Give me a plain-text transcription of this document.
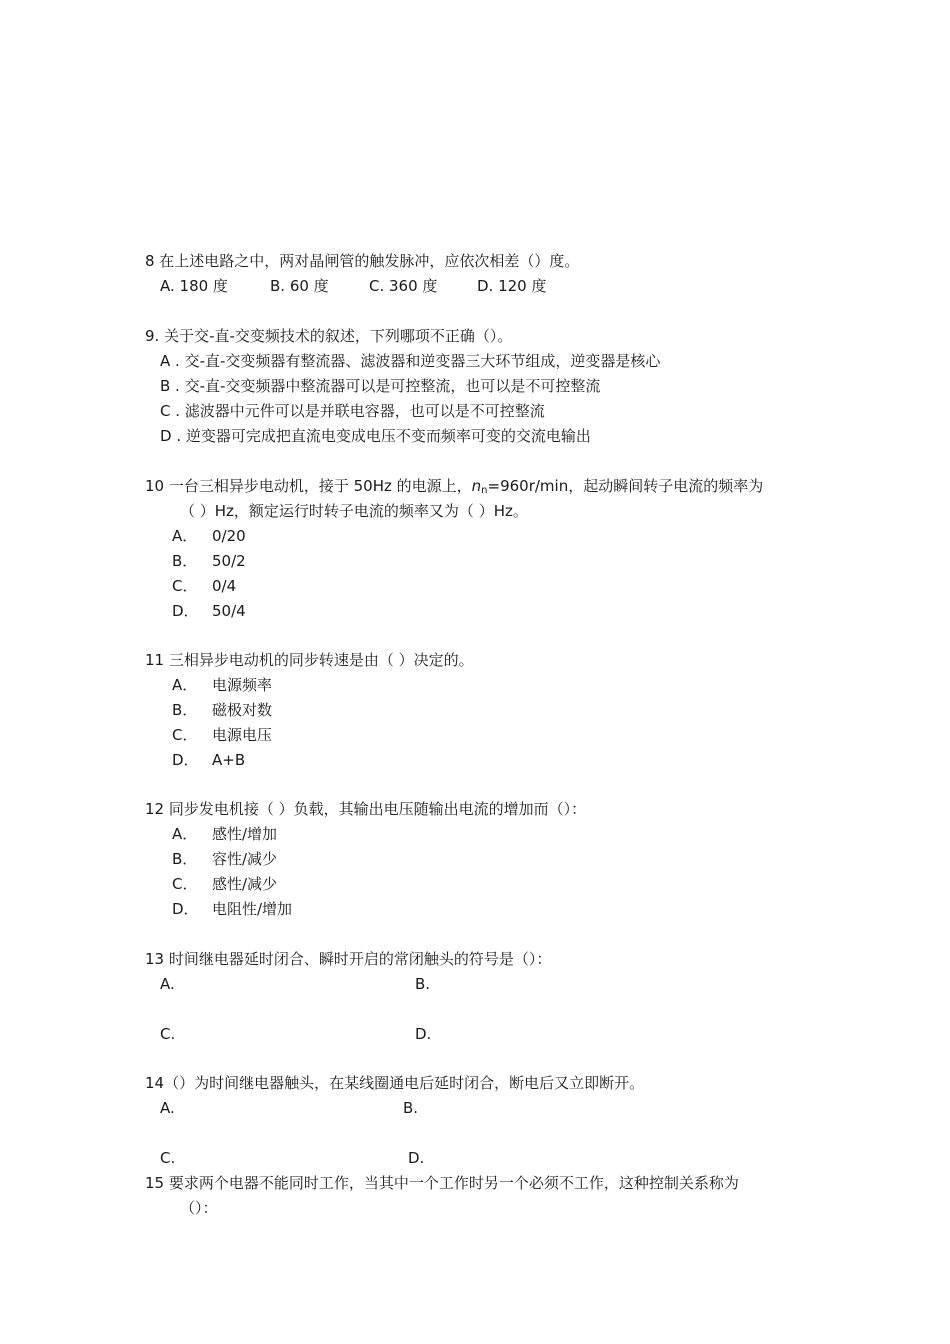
8 在上述电路之中，两对晶闸管的触发脉冲，应依次相差（）度。
A. 180 度	B. 60 度	C. 360 度	D. 120 度
9. 关于交-直-交变频技术的叙述，下列哪项不正确（）。
A . 交-直-交变频器有整流器、滤波器和逆变器三大环节组成，逆变器是核心
B . 交-直-交变频器中整流器可以是可控整流，也可以是不可控整流
C . 滤波器中元件可以是并联电容器，也可以是不可控整流
D . 逆变器可完成把直流电变成电压不变而频率可变的交流电输出
10 一台三相异步电动机，接于 50Hz 的电源上，$n_n=960r/\min$，起动瞬间转子电流的频率为
（ ）Hz，额定运行时转子电流的频率又为（ ）Hz。
A． 0/20
B． 50/2
C． 0/4
D． 50/4
11 三相异步电动机的同步转速是由（ ）决定的。
A． 电源频率
B． 磁极对数
C． 电源电压
D． A+B
12 同步发电机接（ ）负载，其输出电压随输出电流的增加而（）：
A． 感性/增加
B． 容性/减少
C． 感性/减少
D． 电阻性/增加
13 时间继电器延时闭合、瞬时开启的常闭触头的符号是（）：
A.	B.
C.	D.
14（）为时间继电器触头，在某线圈通电后延时闭合，断电后又立即断开。
A.	B.
C.	D.
15 要求两个电器不能同时工作，当其中一个工作时另一个必须不工作，这种控制关系称为
（）：
